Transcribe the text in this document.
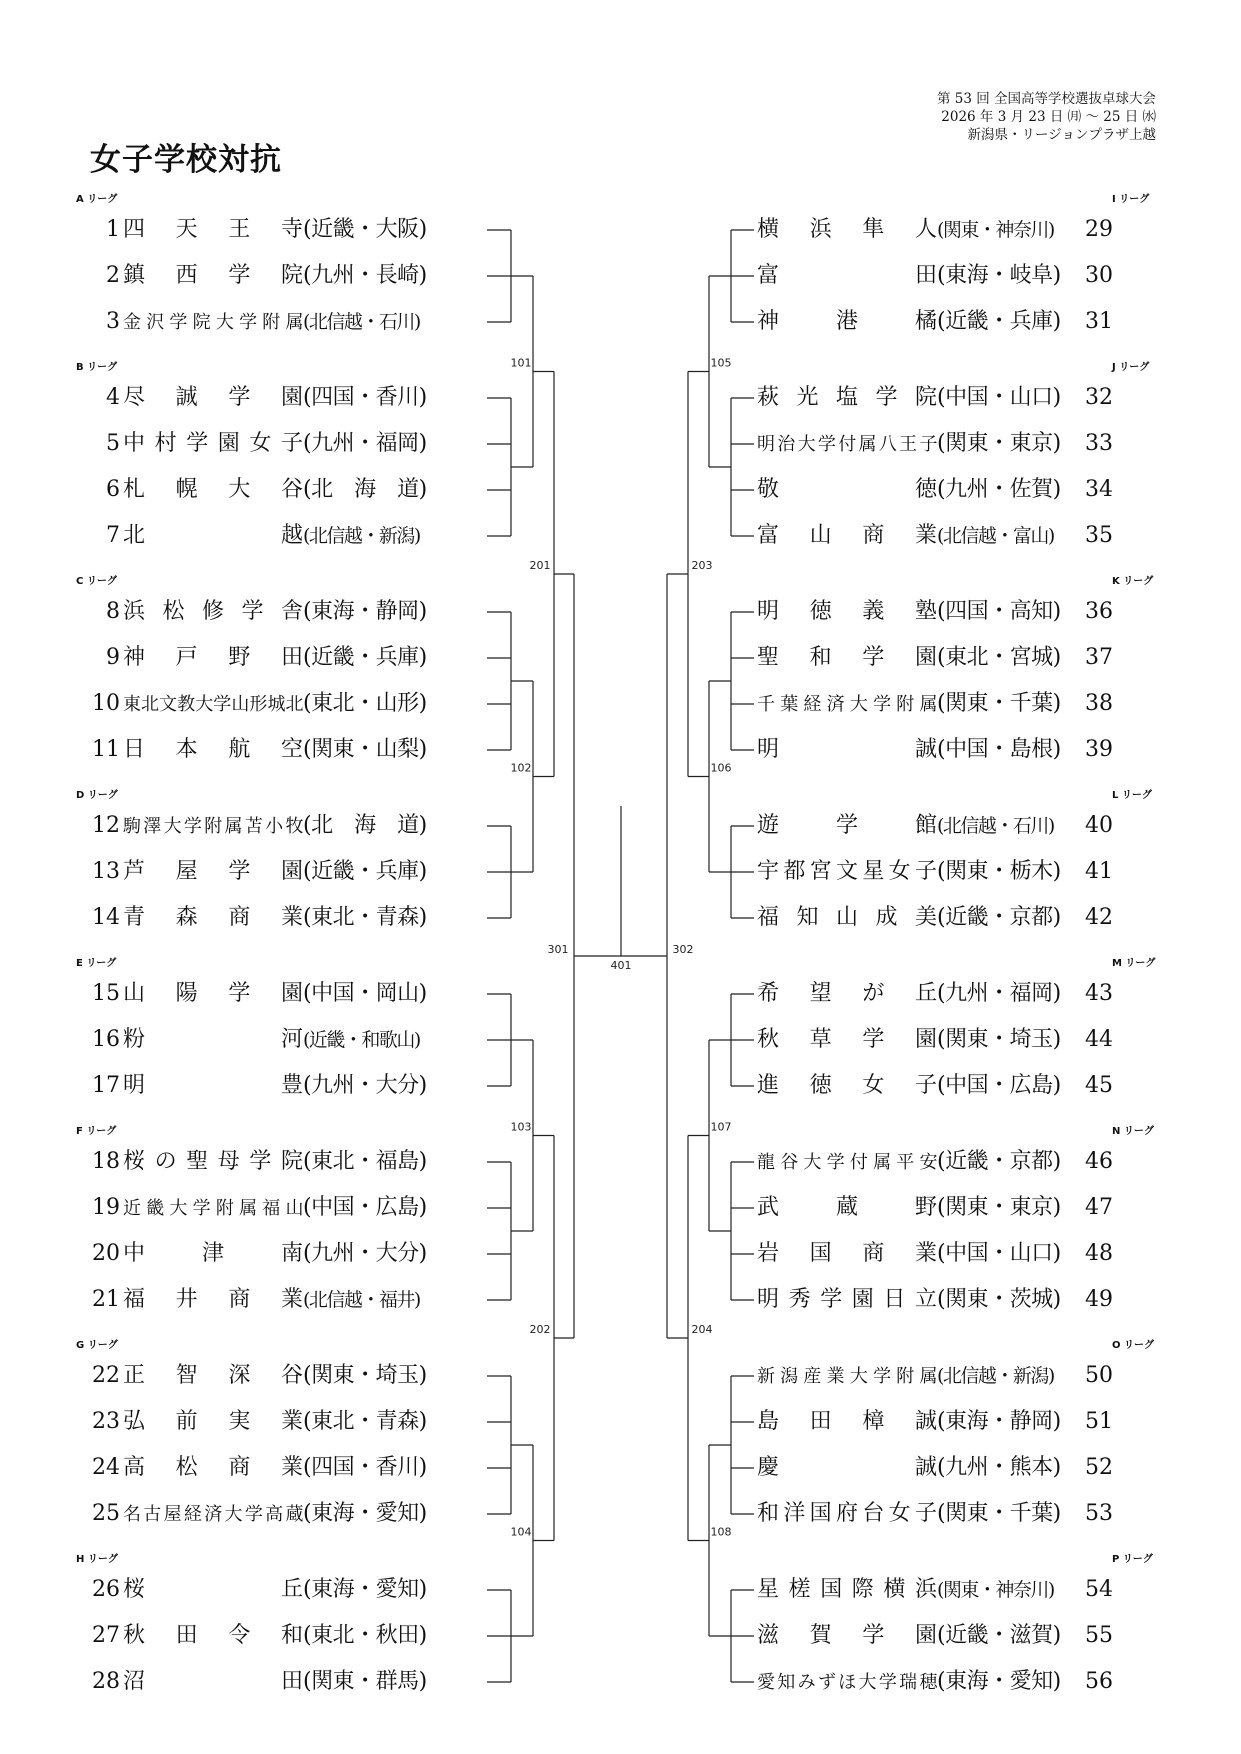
女子学校対抗
第 53 回 全国高等学校選抜卓球大会
2026 年 3 月 23 日 ㈪ 〜 25 日 ㈬
新潟県・リージョンプラザ上越
A リーグ
1 四天王寺(近畿・大阪)
2 鎮西学院(九州・長崎)
3 金沢学院大学附属(北信越・石川)
B リーグ
4 尽誠学園(四国・香川)
5 中村学園女子(九州・福岡)
6 札幌大谷(北　海　道)
7 北越(北信越・新潟)
C リーグ
8 浜松修学舎(東海・静岡)
9 神戸野田(近畿・兵庫)
10 東北文教大学山形城北(東北・山形)
11 日本航空(関東・山梨)
D リーグ
12 駒澤大学附属苫小牧(北　海　道)
13 芦屋学園(近畿・兵庫)
14 青森商業(東北・青森)
E リーグ
15 山陽学園(中国・岡山)
16 粉河(近畿・和歌山)
17 明豊(九州・大分)
F リーグ
18 桜の聖母学院(東北・福島)
19 近畿大学附属福山(中国・広島)
20 中津南(九州・大分)
21 福井商業(北信越・福井)
G リーグ
22 正智深谷(関東・埼玉)
23 弘前実業(東北・青森)
24 高松商業(四国・香川)
25 名古屋経済大学高蔵(東海・愛知)
H リーグ
26 桜丘(東海・愛知)
27 秋田令和(東北・秋田)
28 沼田(関東・群馬)
I リーグ
横浜隼人(関東・神奈川) 29
富田(東海・岐阜) 30
神港橘(近畿・兵庫) 31
J リーグ
萩光塩学院(中国・山口) 32
明治大学付属八王子(関東・東京) 33
敬徳(九州・佐賀) 34
富山商業(北信越・富山) 35
K リーグ
明徳義塾(四国・高知) 36
聖和学園(東北・宮城) 37
千葉経済大学附属(関東・千葉) 38
明誠(中国・島根) 39
L リーグ
遊学館(北信越・石川) 40
宇都宮文星女子(関東・栃木) 41
福知山成美(近畿・京都) 42
M リーグ
希望が丘(九州・福岡) 43
秋草学園(関東・埼玉) 44
進徳女子(中国・広島) 45
N リーグ
龍谷大学付属平安(近畿・京都) 46
武蔵野(関東・東京) 47
岩国商業(中国・山口) 48
明秀学園日立(関東・茨城) 49
O リーグ
新潟産業大学附属(北信越・新潟) 50
島田樟誠(東海・静岡) 51
慶誠(九州・熊本) 52
和洋国府台女子(関東・千葉) 53
P リーグ
星槎国際横浜(関東・神奈川) 54
滋賀学園(近畿・滋賀) 55
愛知みずほ大学瑞穂(東海・愛知) 56
101
102
103
104
201
202
301
105
106
107
108
203
204
302
401
